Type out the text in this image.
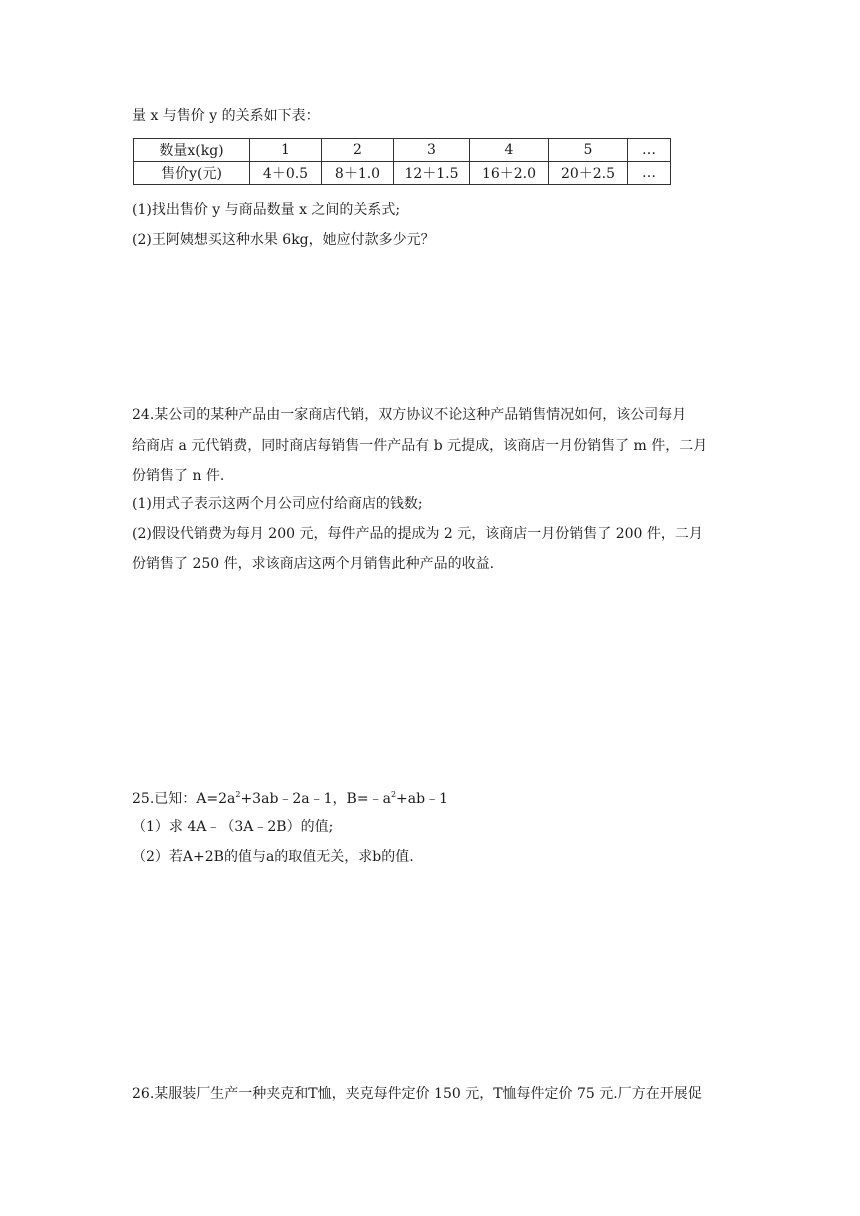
量 x 与售价 y 的关系如下表：
数量x(kg)	1	2	3	4	5	…
售价y(元)	4＋0.5	8＋1.0	12＋1.5	16＋2.0	20＋2.5	…
(1)找出售价 y 与商品数量 x 之间的关系式;
(2)王阿姨想买这种水果 6kg，她应付款多少元？
24.某公司的某种产品由一家商店代销，双方协议不论这种产品销售情况如何，该公司每月
给商店 a 元代销费，同时商店每销售一件产品有 b 元提成，该商店一月份销售了 m 件，二月
份销售了 n 件.
(1)用式子表示这两个月公司应付给商店的钱数;
(2)假设代销费为每月 200 元，每件产品的提成为 2 元，该商店一月份销售了 200 件，二月
份销售了 250 件，求该商店这两个月销售此种产品的收益.
25.已知：$A=2a^2+3ab﹣2a﹣1$，$B=﹣a^2+ab﹣1$
（1）求 4A﹣（3A﹣2B）的值;
（2）若A+2B的值与a的取值无关，求b的值.
26.某服装厂生产一种夹克和T恤，夹克每件定价 150 元，T恤每件定价 75 元.厂方在开展促
